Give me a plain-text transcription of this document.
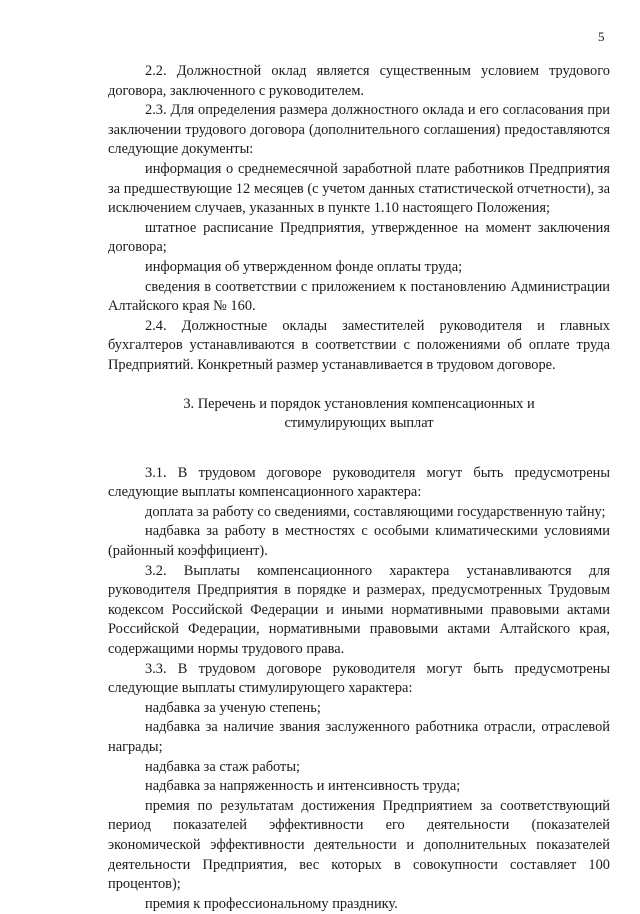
5

2.2. Должностной оклад является существенным условием трудового договора, заключенного с руководителем.

2.3. Для определения размера должностного оклада и его согласования при заключении трудового договора (дополнительного соглашения) предоставляются следующие документы:

информация о среднемесячной заработной плате работников Предприятия за предшествующие 12 месяцев (с учетом данных статистической отчетности), за исключением случаев, указанных в пункте 1.10 настоящего Положения;

штатное расписание Предприятия, утвержденное на момент заключения договора;

информация об утвержденном фонде оплаты труда;

сведения в соответствии с приложением к постановлению Администрации Алтайского края № 160.

2.4. Должностные оклады заместителей руководителя и главных бухгалтеров устанавливаются в соответствии с положениями об оплате труда Предприятий. Конкретный размер устанавливается в трудовом договоре.

3. Перечень и порядок установления компенсационных и
стимулирующих выплат

3.1. В трудовом договоре руководителя могут быть предусмотрены следующие выплаты компенсационного характера:

доплата за работу со сведениями, составляющими государственную тайну;

надбавка за работу в местностях с особыми климатическими условиями (районный коэффициент).

3.2. Выплаты компенсационного характера устанавливаются для руководителя Предприятия в порядке и размерах, предусмотренных Трудовым кодексом Российской Федерации и иными нормативными правовыми актами Российской Федерации, нормативными правовыми актами Алтайского края, содержащими нормы трудового права.

3.3. В трудовом договоре руководителя могут быть предусмотрены следующие выплаты стимулирующего характера:

надбавка за ученую степень;

надбавка за наличие звания заслуженного работника отрасли, отраслевой награды;

надбавка за стаж работы;

надбавка за напряженность и интенсивность труда;

премия по результатам достижения Предприятием за соответствующий период показателей эффективности его деятельности (показателей экономической эффективности деятельности и дополнительных показателей деятельности Предприятия, вес которых в совокупности составляет 100 процентов);

премия к профессиональному празднику.
